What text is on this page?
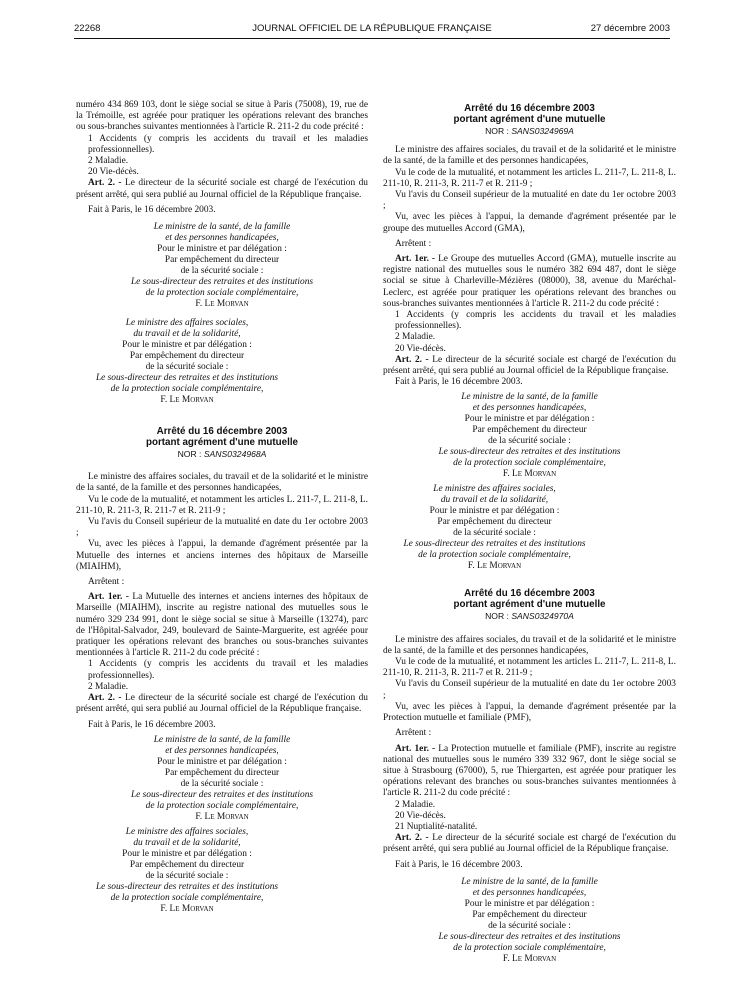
22268	JOURNAL OFFICIEL DE LA RÉPUBLIQUE FRANÇAISE	27 décembre 2003

numéro 434 869 103, dont le siège social se situe à Paris (75008), 19, rue de la Trémoille, est agréée pour pratiquer les opérations relevant des branches ou sous-branches suivantes mentionnées à l'article R. 211-2 du code précité :

1 Accidents (y compris les accidents du travail et les maladies professionnelles).

2 Maladie.

20 Vie-décès.

Art. 2. - Le directeur de la sécurité sociale est chargé de l'exécution du présent arrêté, qui sera publié au Journal officiel de la République française.

Fait à Paris, le 16 décembre 2003.

Le ministre de la santé, de la famille
et des personnes handicapées,
Pour le ministre et par délégation :
Par empêchement du directeur
de la sécurité sociale :
Le sous-directeur des retraites et des institutions
de la protection sociale complémentaire,
F. Le Morvan
Le ministre des affaires sociales,
du travail et de la solidarité,
Pour le ministre et par délégation :
Par empêchement du directeur
de la sécurité sociale :
Le sous-directeur des retraites et des institutions
de la protection sociale complémentaire,
F. Le Morvan
Arrêté du 16 décembre 2003
portant agrément d'une mutuelle
NOR : SANS0324968A

Le ministre des affaires sociales, du travail et de la solidarité et le ministre de la santé, de la famille et des personnes handicapées,

Vu le code de la mutualité, et notamment les articles L. 211-7, L. 211-8, L. 211-10, R. 211-3, R. 211-7 et R. 211-9 ;

Vu l'avis du Conseil supérieur de la mutualité en date du 1er octobre 2003 ;

Vu, avec les pièces à l'appui, la demande d'agrément présentée par la Mutuelle des internes et anciens internes des hôpitaux de Marseille (MIAIHM),

Arrêtent :

Art. 1er. - La Mutuelle des internes et anciens internes des hôpitaux de Marseille (MIAIHM), inscrite au registre national des mutuelles sous le numéro 329 234 991, dont le siège social se situe à Marseille (13274), parc de l'Hôpital-Salvador, 249, boulevard de Sainte-Marguerite, est agréée pour pratiquer les opérations relevant des branches ou sous-branches suivantes mentionnées à l'article R. 211-2 du code précité :

1 Accidents (y compris les accidents du travail et les maladies professionnelles).

2 Maladie.

Art. 2. - Le directeur de la sécurité sociale est chargé de l'exécution du présent arrêté, qui sera publié au Journal officiel de la République française.

Fait à Paris, le 16 décembre 2003.

Le ministre de la santé, de la famille
et des personnes handicapées,
Pour le ministre et par délégation :
Par empêchement du directeur
de la sécurité sociale :
Le sous-directeur des retraites et des institutions
de la protection sociale complémentaire,
F. Le Morvan
Le ministre des affaires sociales,
du travail et de la solidarité,
Pour le ministre et par délégation :
Par empêchement du directeur
de la sécurité sociale :
Le sous-directeur des retraites et des institutions
de la protection sociale complémentaire,
F. Le Morvan
Arrêté du 16 décembre 2003
portant agrément d'une mutuelle
NOR : SANS0324969A

Le ministre des affaires sociales, du travail et de la solidarité et le ministre de la santé, de la famille et des personnes handicapées,

Vu le code de la mutualité, et notamment les articles L. 211-7, L. 211-8, L. 211-10, R. 211-3, R. 211-7 et R. 211-9 ;

Vu l'avis du Conseil supérieur de la mutualité en date du 1er octobre 2003 ;

Vu, avec les pièces à l'appui, la demande d'agrément présentée par le groupe des mutuelles Accord (GMA),

Arrêtent :

Art. 1er. - Le Groupe des mutuelles Accord (GMA), mutuelle inscrite au registre national des mutuelles sous le numéro 382 694 487, dont le siège social se situe à Charleville-Mézières (08000), 38, avenue du Maréchal-Leclerc, est agréée pour pratiquer les opérations relevant des branches ou sous-branches suivantes mentionnées à l'article R. 211-2 du code précité :

1 Accidents (y compris les accidents du travail et les maladies professionnelles).

2 Maladie.

20 Vie-décès.

Art. 2. - Le directeur de la sécurité sociale est chargé de l'exécution du présent arrêté, qui sera publié au Journal officiel de la République française.

Fait à Paris, le 16 décembre 2003.

Le ministre de la santé, de la famille
et des personnes handicapées,
Pour le ministre et par délégation :
Par empêchement du directeur
de la sécurité sociale :
Le sous-directeur des retraites et des institutions
de la protection sociale complémentaire,
F. Le Morvan
Le ministre des affaires sociales,
du travail et de la solidarité,
Pour le ministre et par délégation :
Par empêchement du directeur
de la sécurité sociale :
Le sous-directeur des retraites et des institutions
de la protection sociale complémentaire,
F. Le Morvan
Arrêté du 16 décembre 2003
portant agrément d'une mutuelle
NOR : SANS0324970A

Le ministre des affaires sociales, du travail et de la solidarité et le ministre de la santé, de la famille et des personnes handicapées,

Vu le code de la mutualité, et notamment les articles L. 211-7, L. 211-8, L. 211-10, R. 211-3, R. 211-7 et R. 211-9 ;

Vu l'avis du Conseil supérieur de la mutualité en date du 1er octobre 2003 ;

Vu, avec les pièces à l'appui, la demande d'agrément présentée par la Protection mutuelle et familiale (PMF),

Arrêtent :

Art. 1er. - La Protection mutuelle et familiale (PMF), inscrite au registre national des mutuelles sous le numéro 339 332 967, dont le siège social se situe à Strasbourg (67000), 5, rue Thiergarten, est agréée pour pratiquer les opérations relevant des branches ou sous-branches suivantes mentionnées à l'article R. 211-2 du code précité :

2 Maladie.

20 Vie-décès.

21 Nuptialité-natalité.

Art. 2. - Le directeur de la sécurité sociale est chargé de l'exécution du présent arrêté, qui sera publié au Journal officiel de la République française.

Fait à Paris, le 16 décembre 2003.

Le ministre de la santé, de la famille
et des personnes handicapées,
Pour le ministre et par délégation :
Par empêchement du directeur
de la sécurité sociale :
Le sous-directeur des retraites et des institutions
de la protection sociale complémentaire,
F. Le Morvan
